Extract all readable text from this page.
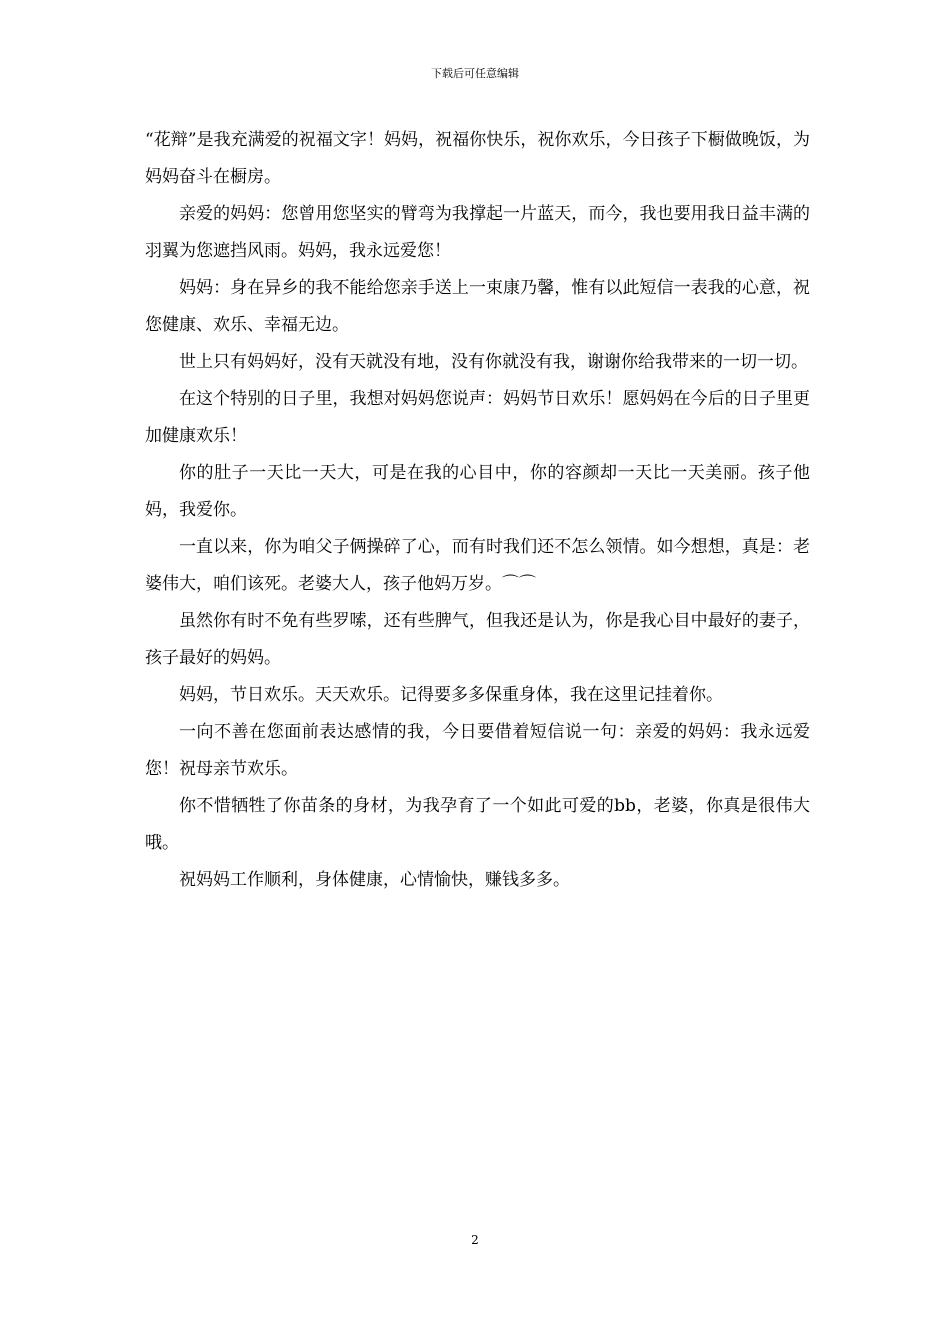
下载后可任意编辑

“花辩”是我充满爱的祝福文字！妈妈，祝福你快乐，祝你欢乐，今日孩子下橱做晚饭，为妈妈奋斗在橱房。

亲爱的妈妈：您曾用您坚实的臂弯为我撑起一片蓝天，而今，我也要用我日益丰满的羽翼为您遮挡风雨。妈妈，我永远爱您！

妈妈：身在异乡的我不能给您亲手送上一束康乃馨，惟有以此短信一表我的心意，祝您健康、欢乐、幸福无边。

世上只有妈妈好，没有天就没有地，没有你就没有我，谢谢你给我带来的一切一切。

在这个特别的日子里，我想对妈妈您说声：妈妈节日欢乐！愿妈妈在今后的日子里更加健康欢乐！

你的肚子一天比一天大，可是在我的心目中，你的容颜却一天比一天美丽。孩子他妈，我爱你。

一直以来，你为咱父子俩操碎了心，而有时我们还不怎么领情。如今想想，真是：老婆伟大，咱们该死。老婆大人，孩子他妈万岁。⌒⌒

虽然你有时不免有些罗嗦，还有些脾气，但我还是认为，你是我心目中最好的妻子，孩子最好的妈妈。

妈妈，节日欢乐。天天欢乐。记得要多多保重身体，我在这里记挂着你。

一向不善在您面前表达感情的我，今日要借着短信说一句：亲爱的妈妈：我永远爱您！祝母亲节欢乐。

你不惜牺牲了你苗条的身材，为我孕育了一个如此可爱的bb，老婆，你真是很伟大哦。

祝妈妈工作顺利，身体健康，心情愉快，赚钱多多。

2
